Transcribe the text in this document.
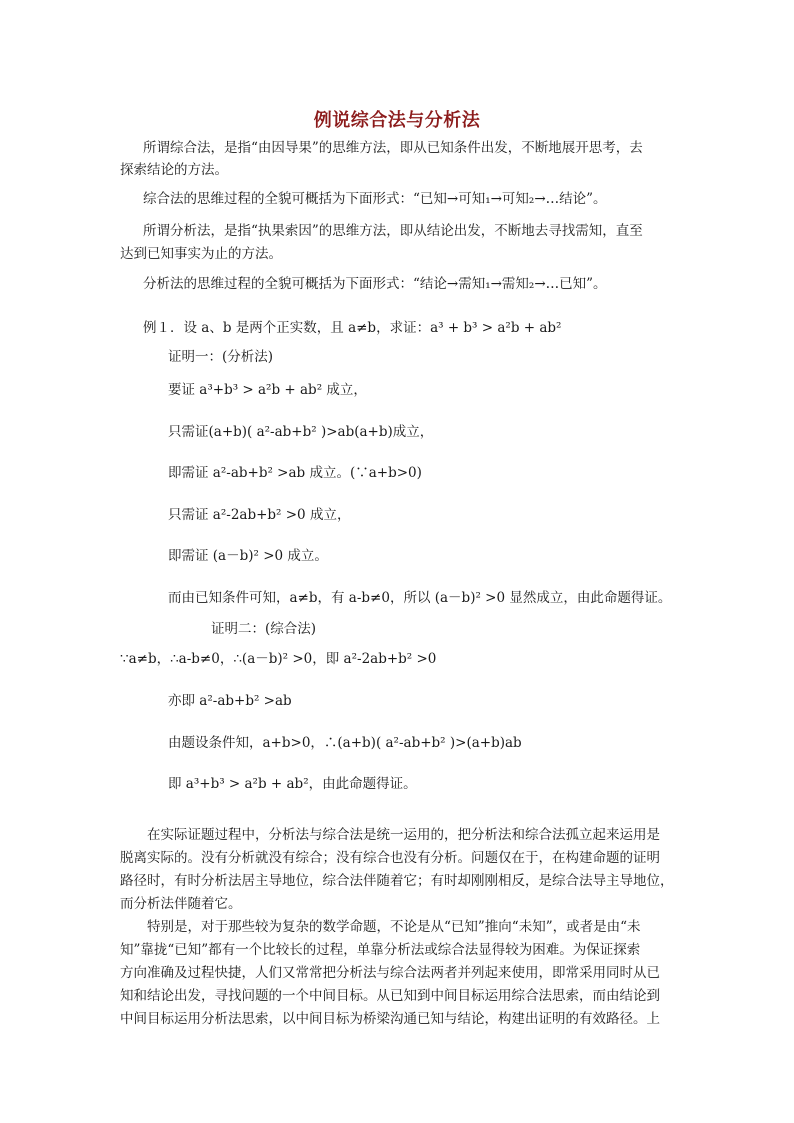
例说综合法与分析法
所谓综合法，是指“由因导果”的思维方法，即从已知条件出发，不断地展开思考，去
探索结论的方法。
综合法的思维过程的全貌可概括为下面形式：“已知→可知₁→可知₂→…结论”。
所谓分析法，是指“执果索因”的思维方法，即从结论出发，不断地去寻找需知，直至
达到已知事实为止的方法。
分析法的思维过程的全貌可概括为下面形式：“结论→需知₁→需知₂→…已知”。
例１．设 a、b 是两个正实数，且 a≠b，求证：a³ + b³ > a²b + ab²
证明一：(分析法)
要证 a³+b³ > a²b + ab² 成立，
只需证(a+b)( a²-ab+b² )>ab(a+b)成立，
即需证 a²-ab+b² >ab 成立。(∵a+b>0)
只需证 a²-2ab+b² >0 成立，
即需证 (a－b)² >0 成立。
而由已知条件可知，a≠b，有 a-b≠0，所以 (a－b)² >0 显然成立，由此命题得证。
证明二：(综合法)
∵a≠b，∴a-b≠0，∴(a－b)² >0，即 a²-2ab+b² >0
亦即 a²-ab+b² >ab
由题设条件知，a+b>0，∴(a+b)( a²-ab+b² )>(a+b)ab
即 a³+b³ > a²b + ab²，由此命题得证。
在实际证题过程中，分析法与综合法是统一运用的，把分析法和综合法孤立起来运用是
脱离实际的。没有分析就没有综合；没有综合也没有分析。问题仅在于，在构建命题的证明
路径时，有时分析法居主导地位，综合法伴随着它；有时却刚刚相反，是综合法导主导地位，
而分析法伴随着它。
特别是，对于那些较为复杂的数学命题，不论是从“已知”推向“未知”，或者是由“未
知”靠拢“已知”都有一个比较长的过程，单靠分析法或综合法显得较为困难。为保证探索
方向准确及过程快捷，人们又常常把分析法与综合法两者并列起来使用，即常采用同时从已
知和结论出发，寻找问题的一个中间目标。从已知到中间目标运用综合法思索，而由结论到
中间目标运用分析法思索，以中间目标为桥梁沟通已知与结论，构建出证明的有效路径。上
